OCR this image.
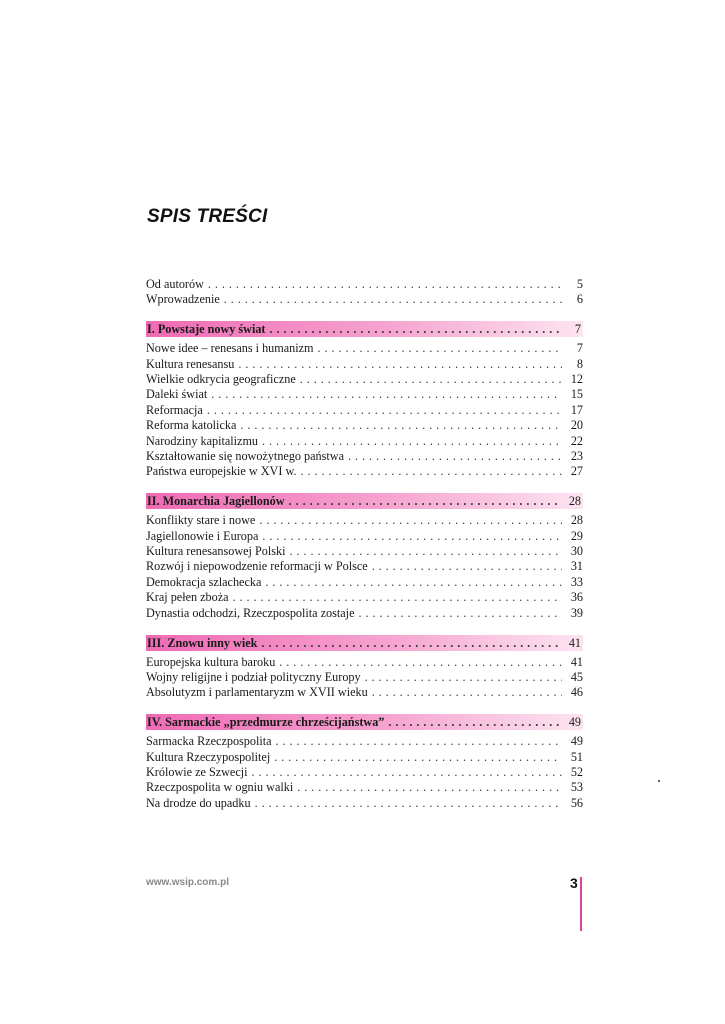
SPIS TREŚCI
Od autorów . . .	5
Wprowadzenie . . .	6
I. Powstaje nowy świat . . .	7
Nowe idee – renesans i humanizm . . .	7
Kultura renesansu . . .	8
Wielkie odkrycia geograficzne . . .	12
Daleki świat . . .	15
Reformacja . . .	17
Reforma katolicka . . .	20
Narodziny kapitalizmu . . .	22
Kształtowanie się nowożytnego państwa . . .	23
Państwa europejskie w XVI w. . . .	27
II. Monarchia Jagiellonów . . .	28
Konflikty stare i nowe . . .	28
Jagiellonowie i Europa . . .	29
Kultura renesansowej Polski . . .	30
Rozwój i niepowodzenie reformacji w Polsce . . .	31
Demokracja szlachecka . . .	33
Kraj pełen zboża . . .	36
Dynastia odchodzi, Rzeczpospolita zostaje . . .	39
III. Znowu inny wiek . . .	41
Europejska kultura baroku . . .	41
Wojny religijne i podział polityczny Europy . . .	45
Absolutyzm i parlamentaryzm w XVII wieku . . .	46
IV. Sarmackie „przedmurze chrześcijaństwa” . . .	49
Sarmacka Rzeczpospolita . . .	49
Kultura Rzeczypospolitej . . .	51
Królowie ze Szwecji . . .	52
Rzeczpospolita w ogniu walki . . .	53
Na drodze do upadku . . .	56
www.wsip.com.pl	3
